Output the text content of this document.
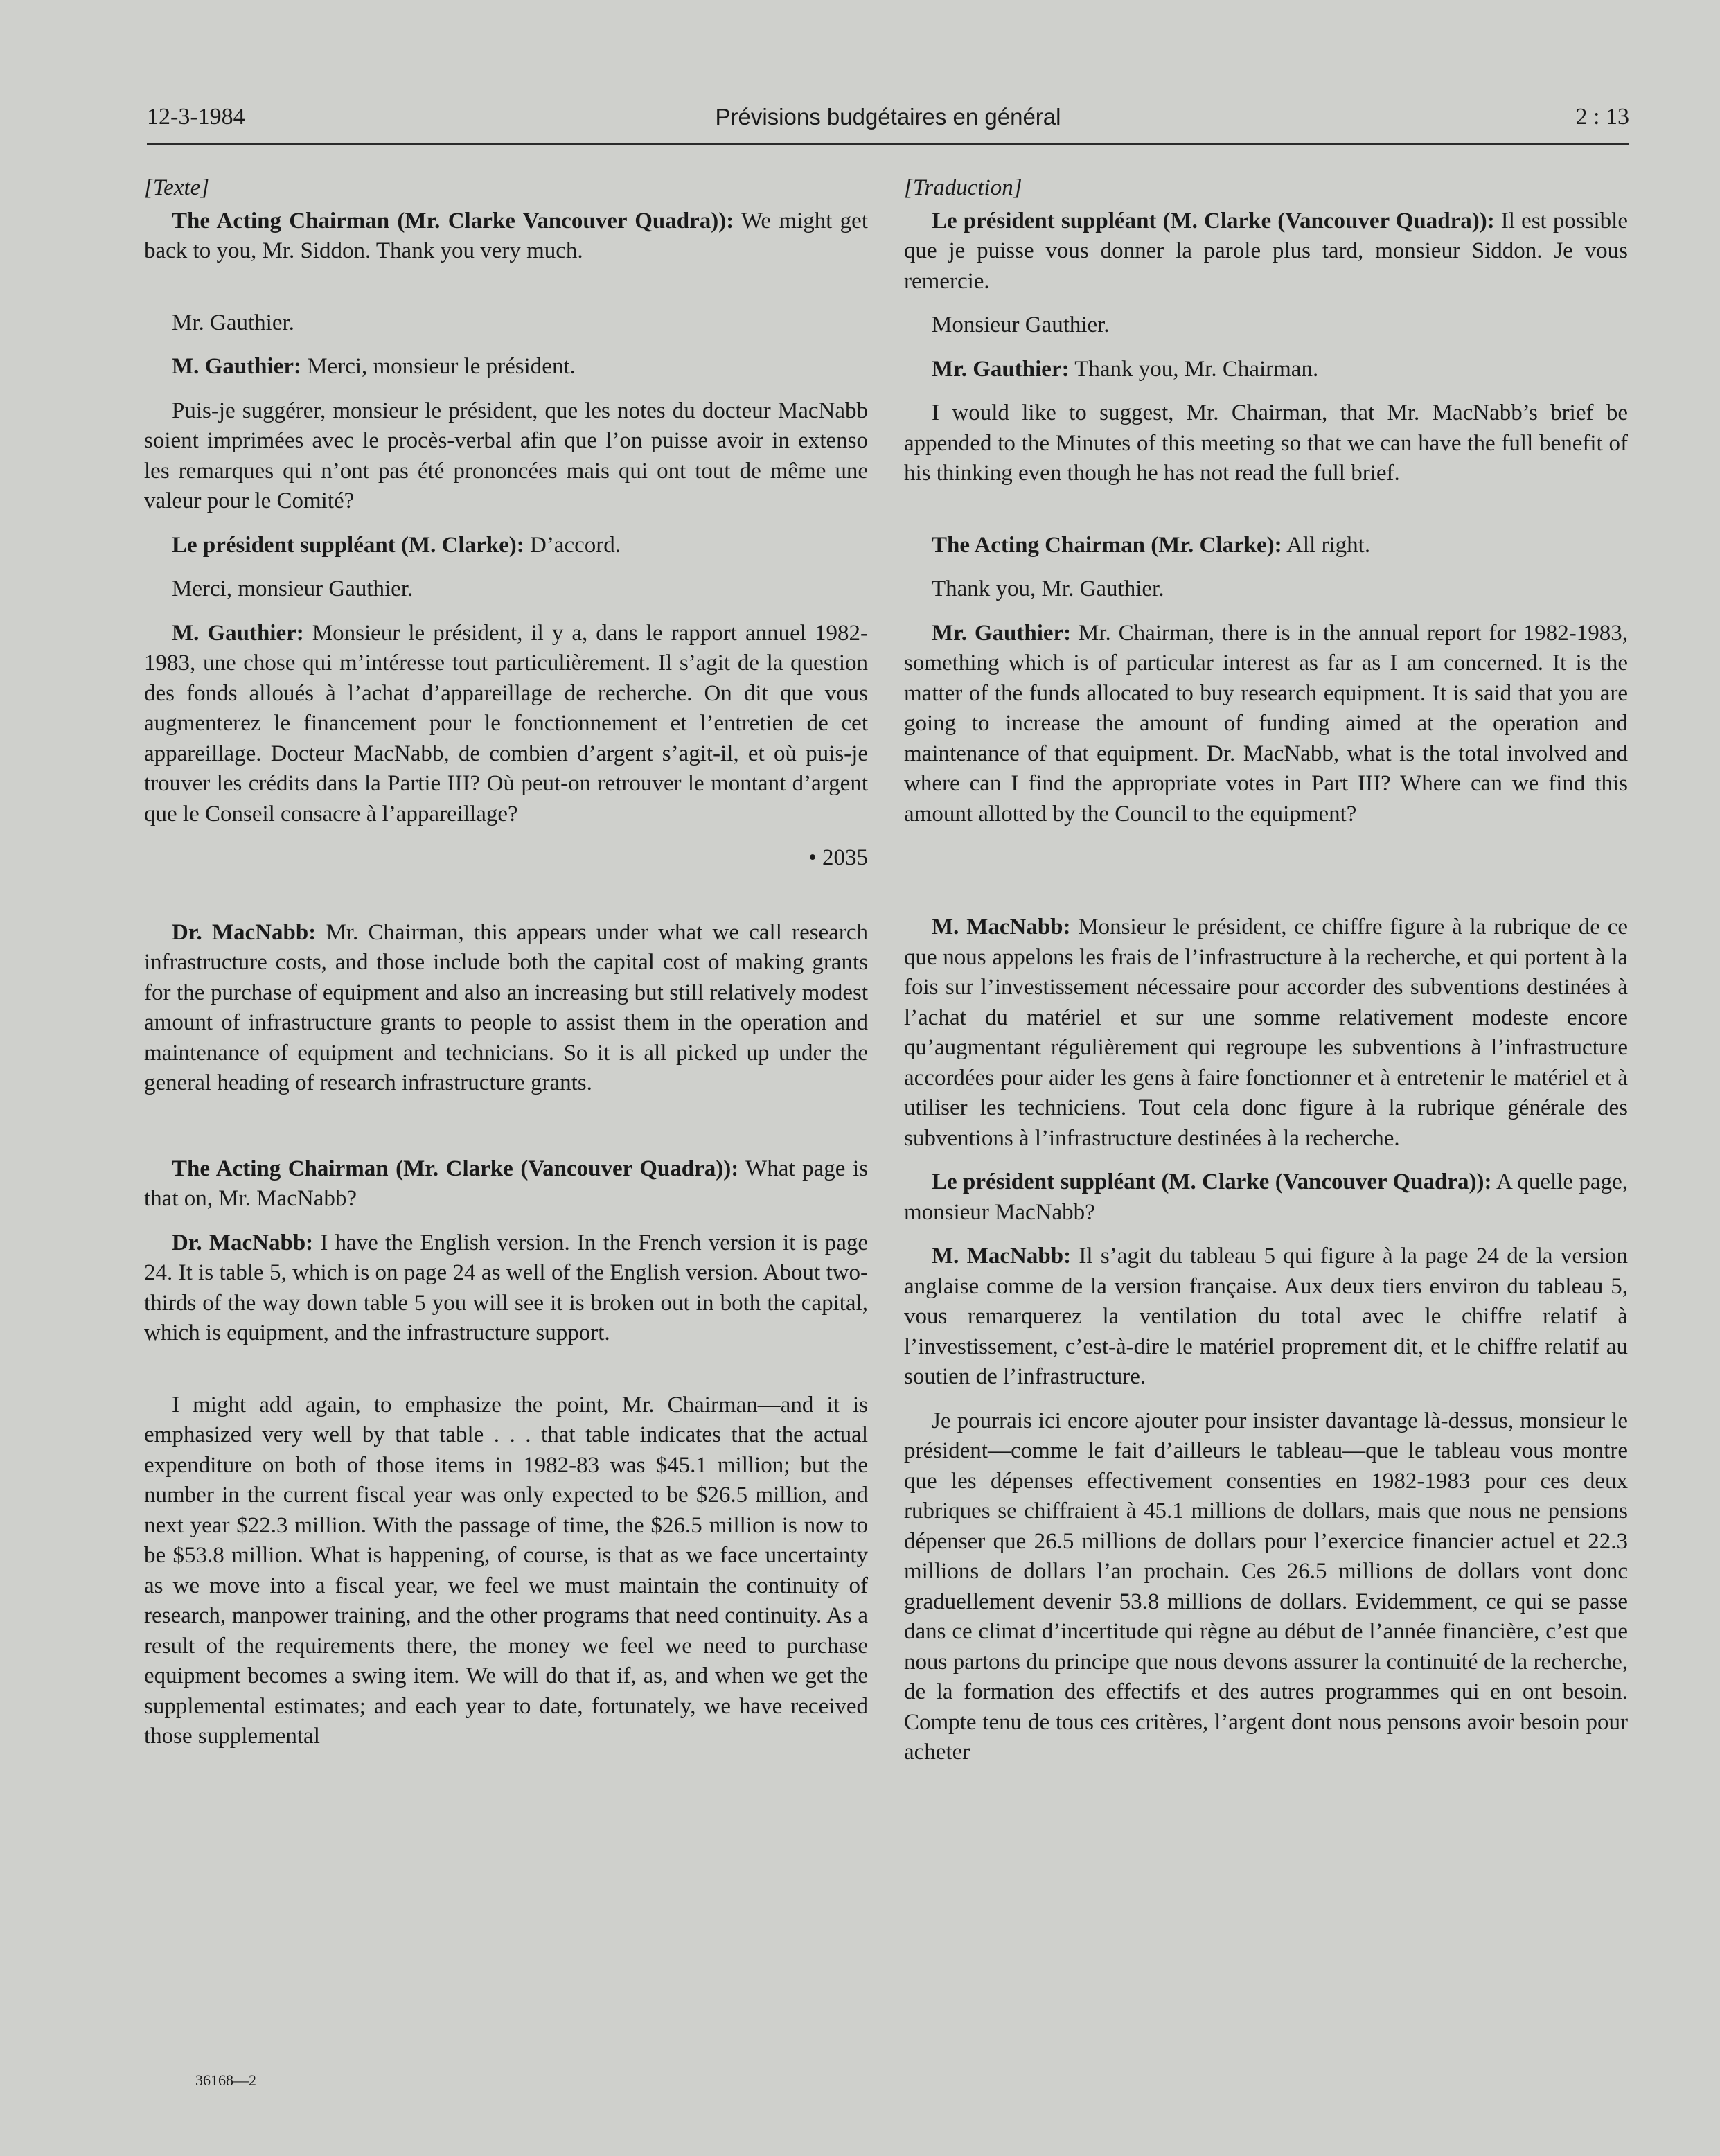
12-3-1984	Prévisions budgétaires en général	2 : 13
[Texte]

The Acting Chairman (Mr. Clarke Vancouver Quadra)): We might get back to you, Mr. Siddon. Thank you very much.

Mr. Gauthier.

M. Gauthier: Merci, monsieur le président.

Puis-je suggérer, monsieur le président, que les notes du docteur MacNabb soient imprimées avec le procès-verbal afin que l’on puisse avoir in extenso les remarques qui n’ont pas été prononcées mais qui ont tout de même une valeur pour le Comité?

Le président suppléant (M. Clarke): D’accord.

Merci, monsieur Gauthier.

M. Gauthier: Monsieur le président, il y a, dans le rapport annuel 1982-1983, une chose qui m’intéresse tout particulièrement. Il s’agit de la question des fonds alloués à l’achat d’appareillage de recherche. On dit que vous augmenterez le financement pour le fonctionnement et l’entretien de cet appareillage. Docteur MacNabb, de combien d’argent s’agit-il, et où puis-je trouver les crédits dans la Partie III? Où peut-on retrouver le montant d’argent que le Conseil consacre à l’appareillage?

• 2035

Dr. MacNabb: Mr. Chairman, this appears under what we call research infrastructure costs, and those include both the capital cost of making grants for the purchase of equipment and also an increasing but still relatively modest amount of infrastructure grants to people to assist them in the operation and maintenance of equipment and technicians. So it is all picked up under the general heading of research infrastructure grants.

The Acting Chairman (Mr. Clarke (Vancouver Quadra)): What page is that on, Mr. MacNabb?

Dr. MacNabb: I have the English version. In the French version it is page 24. It is table 5, which is on page 24 as well of the English version. About two-thirds of the way down table 5 you will see it is broken out in both the capital, which is equipment, and the infrastructure support.

I might add again, to emphasize the point, Mr. Chairman—and it is emphasized very well by that table . . . that table indicates that the actual expenditure on both of those items in 1982-83 was $45.1 million; but the number in the current fiscal year was only expected to be $26.5 million, and next year $22.3 million. With the passage of time, the $26.5 million is now to be $53.8 million. What is happening, of course, is that as we face uncertainty as we move into a fiscal year, we feel we must maintain the continuity of research, manpower training, and the other programs that need continuity. As a result of the requirements there, the money we feel we need to purchase equipment becomes a swing item. We will do that if, as, and when we get the supplemental estimates; and each year to date, fortunately, we have received those supplemental

[Traduction]

Le président suppléant (M. Clarke (Vancouver Quadra)): Il est possible que je puisse vous donner la parole plus tard, monsieur Siddon. Je vous remercie.

Monsieur Gauthier.

Mr. Gauthier: Thank you, Mr. Chairman.

I would like to suggest, Mr. Chairman, that Mr. MacNabb’s brief be appended to the Minutes of this meeting so that we can have the full benefit of his thinking even though he has not read the full brief.

The Acting Chairman (Mr. Clarke): All right.

Thank you, Mr. Gauthier.

Mr. Gauthier: Mr. Chairman, there is in the annual report for 1982-1983, something which is of particular interest as far as I am concerned. It is the matter of the funds allocated to buy research equipment. It is said that you are going to increase the amount of funding aimed at the operation and maintenance of that equipment. Dr. MacNabb, what is the total involved and where can I find the appropriate votes in Part III? Where can we find this amount allotted by the Council to the equipment?

M. MacNabb: Monsieur le président, ce chiffre figure à la rubrique de ce que nous appelons les frais de l’infrastructure à la recherche, et qui portent à la fois sur l’investissement nécessaire pour accorder des subventions destinées à l’achat du matériel et sur une somme relativement modeste encore qu’augmentant régulièrement qui regroupe les subventions à l’infrastructure accordées pour aider les gens à faire fonctionner et à entretenir le matériel et à utiliser les techniciens. Tout cela donc figure à la rubrique générale des subventions à l’infrastructure destinées à la recherche.

Le président suppléant (M. Clarke (Vancouver Quadra)): A quelle page, monsieur MacNabb?

M. MacNabb: Il s’agit du tableau 5 qui figure à la page 24 de la version anglaise comme de la version française. Aux deux tiers environ du tableau 5, vous remarquerez la ventilation du total avec le chiffre relatif à l’investissement, c’est-à-dire le matériel proprement dit, et le chiffre relatif au soutien de l’infrastructure.

Je pourrais ici encore ajouter pour insister davantage là-dessus, monsieur le président—comme le fait d’ailleurs le tableau—que le tableau vous montre que les dépenses effectivement consenties en 1982-1983 pour ces deux rubriques se chiffraient à 45.1 millions de dollars, mais que nous ne pensions dépenser que 26.5 millions de dollars pour l’exercice financier actuel et 22.3 millions de dollars l’an prochain. Ces 26.5 millions de dollars vont donc graduellement devenir 53.8 millions de dollars. Evidemment, ce qui se passe dans ce climat d’incertitude qui règne au début de l’année financière, c’est que nous partons du principe que nous devons assurer la continuité de la recherche, de la formation des effectifs et des autres programmes qui en ont besoin. Compte tenu de tous ces critères, l’argent dont nous pensons avoir besoin pour acheter

36168—2
